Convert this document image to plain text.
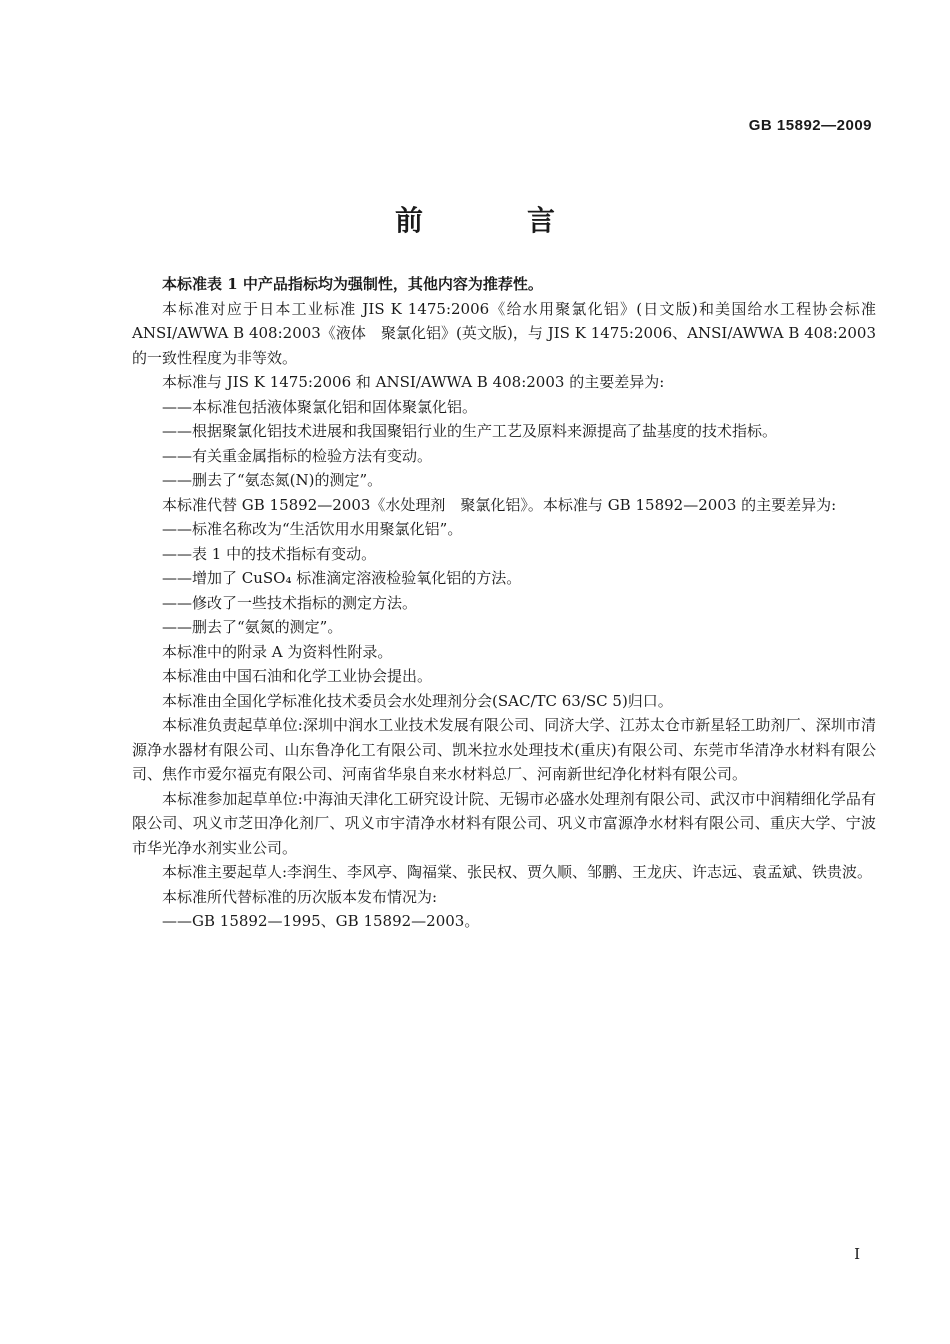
GB 15892—2009
前　言

本标准表 1 中产品指标均为强制性，其他内容为推荐性。

本标准对应于日本工业标准 JIS K 1475:2006《给水用聚氯化铝》(日文版)和美国给水工程协会标准 ANSI/AWWA B 408:2003《液体　聚氯化铝》(英文版)，与 JIS K 1475:2006、ANSI/AWWA B 408:2003 的一致性程度为非等效。

本标准与 JIS K 1475:2006 和 ANSI/AWWA B 408:2003 的主要差异为:

——本标准包括液体聚氯化铝和固体聚氯化铝。

——根据聚氯化铝技术进展和我国聚铝行业的生产工艺及原料来源提高了盐基度的技术指标。

——有关重金属指标的检验方法有变动。

——删去了“氨态氮(N)的测定”。

本标准代替 GB 15892—2003《水处理剂　聚氯化铝》。本标准与 GB 15892—2003 的主要差异为:

——标准名称改为“生活饮用水用聚氯化铝”。

——表 1 中的技术指标有变动。

——增加了 CuSO₄ 标准滴定溶液检验氧化铝的方法。

——修改了一些技术指标的测定方法。

——删去了“氨氮的测定”。

本标准中的附录 A 为资料性附录。

本标准由中国石油和化学工业协会提出。

本标准由全国化学标准化技术委员会水处理剂分会(SAC/TC 63/SC 5)归口。

本标准负责起草单位:深圳中润水工业技术发展有限公司、同济大学、江苏太仓市新星轻工助剂厂、深圳市清源净水器材有限公司、山东鲁净化工有限公司、凯米拉水处理技术(重庆)有限公司、东莞市华清净水材料有限公司、焦作市爱尔福克有限公司、河南省华泉自来水材料总厂、河南新世纪净化材料有限公司。

本标准参加起草单位:中海油天津化工研究设计院、无锡市必盛水处理剂有限公司、武汉市中润精细化学品有限公司、巩义市芝田净化剂厂、巩义市宇清净水材料有限公司、巩义市富源净水材料有限公司、重庆大学、宁波市华光净水剂实业公司。

本标准主要起草人:李润生、李风亭、陶福棠、张民权、贾久顺、邹鹏、王龙庆、许志远、袁孟斌、铁贵波。

本标准所代替标准的历次版本发布情况为:

——GB 15892—1995、GB 15892—2003。

I
